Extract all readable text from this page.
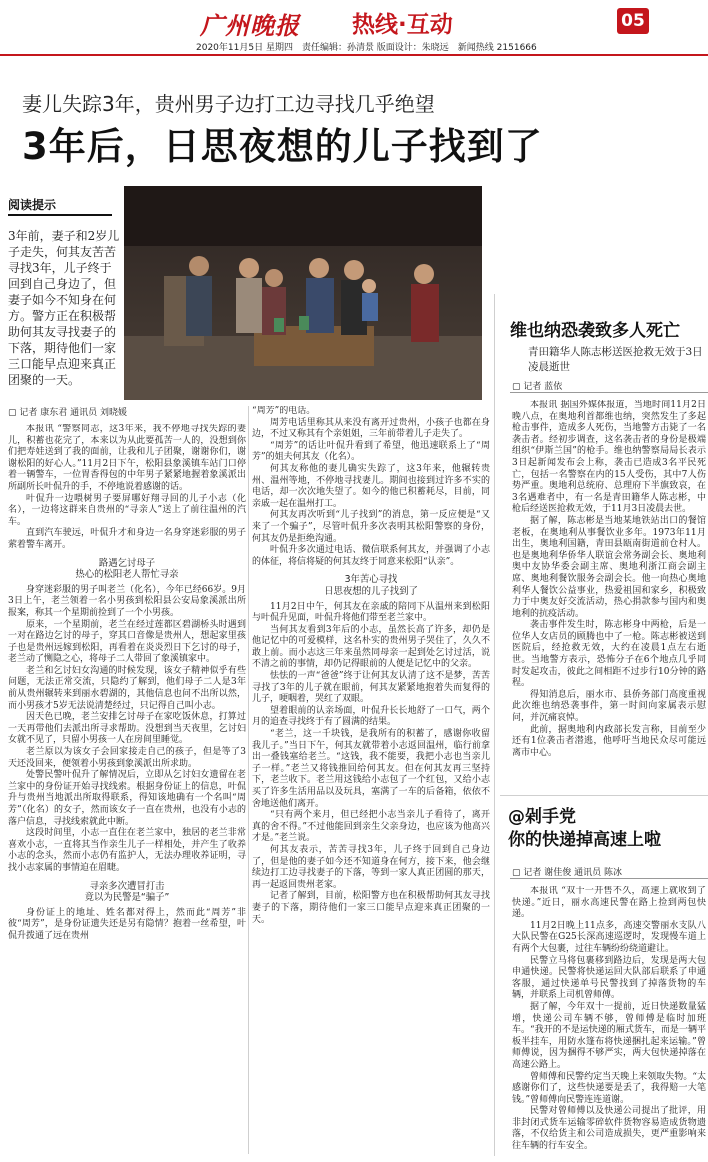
广州晚报 热线·互动	05
2020年11月5日 星期四　责任编辑：孙清景 版面设计：朱晓远　新闻热线 2151666
妻儿失踪3年，贵州男子边打工边寻找几乎绝望
3年后，日思夜想的儿子找到了
阅读提示
3年前，妻子和2岁儿子走失，何其友苦苦寻找3年，儿子终于回到自己身边了，但妻子如今不知身在何方。警方正在积极帮助何其友寻找妻子的下落，期待他们一家三口能早点迎来真正团聚的一天。
▢ 记者 康东君 通讯员 刘晓媛

本报讯 “警察同志，这3年来，我不停地寻找失踪的妻儿，积蓄也花完了，本来以为从此要孤苦一人的，没想到你们把寿娃送到了我的面前，让我和儿子团聚，谢谢你们，谢谢松阳的好心人。”11月2日下午，松阳县象溪镇车站门口停着一辆警车，一位胃香得包的中年男子紧紧地握着象溪派出所副所长叶侃升的手，不停地说着感谢的话。

叶侃升一边喂树男子要屏哪好翔寻回的儿子小志（化名），一边将这群来自贵州的“寻亲人”送上了前往温州的汽车。

直到汽车驶远，叶侃升才和身边一名身穿迷彩服的男子萦着警车离开。

路遇乞讨母子
热心的松阳老人帮忙寻亲

身穿迷彩服的男子叫老兰（化名），今年已经66岁。9月3日上午，老兰领着一名小男孩到松阳县公安局象溪派出所报案，称其一个星期前捡到了一个小男孩。

原来，一个星期前，老兰在经过莲都区碧湖桥头时遇到一对在路边乞讨的母子，穿其口音像是贵州人，想起家里孩子也是贵州远嫁到松阳，再看着在炎炎烈日下乞讨的母子，老兰动了恻隐之心，将母子二人带回了象溪镇家中。

老兰和乞讨妇女沟通的时候发现，该女子精神似乎有些问题，无法正常交流，只隐约了解到，他们母子二人是3年前从贵州辗转来到丽水碧湖的，其他信息也问不出所以然，而小男孩才5岁无法说清楚经过，只记得自己叫小志。

因天色已晚，老兰安排乞讨母子在家吃饭休息，打算过一天再带他们去派出所寻求帮助。没想到当天夜里，乞讨妇女就不见了，只留小男孩一人在房间里睡觉。

老兰原以为该女子会回家接走自己的孩子，但是等了3天还没回来，便领着小男孩到象溪派出所求助。

处警民警叶侃升了解情况后，立即从乞讨妇女遗留在老兰家中的身份证开始寻找线索。根据身份证上的信息，叶侃升与贵州当地派出所取得联系，得知该地确有一个名叫“周芳”（化名）的女子，然而该女子一直在贵州，也没有小志的落户信息，寻找线索就此中断。

这段时间里，小志一直住在老兰家中，独居的老兰非常喜欢小志，一直将其当作亲生儿子一样相处，并产生了收养小志的念头，然而小志仍有监护人，无法办理收养证明，寻找小志家属的事情迫在眉睫。

寻亲多次遭冒打击
竟以为民警是“骗子”

身份证上的地址、姓名都对得上，然而此“周芳”非彼“周芳”，是身份证遗失还是另有隐情？抱着一丝希望，叶侃升拨通了远在贵州

“周芳”的电话。

周芳电话里称其从来没有离开过贵州，小孩子也都在身边，不过又称其有个亲姐姐，三年前带着儿子走失了。

“周芳”的话让叶侃升看到了希望，他迅速联系上了“周芳”的姐夫何其友（化名）。

何其友称他的妻儿确实失踪了，这3年来，他辗转贵州、温州等地，不停地寻找妻儿。期间也接到过许多不实的电话，却一次次地失望了。如今的他已积蓄耗尽，目前，同亲戚一起在温州打工。

何其友再次听到“儿子找到”的消息，第一反应便是“又来了一个骗子”，尽管叶侃升多次表明其松阳警察的身份，何其友仍是拒绝沟通。

叶侃升多次通过电话、微信联系何其友，并强调了小志的体征，将信将疑的何其友终于同意来松阳“认亲”。

3年苦心寻找
日思夜想的儿子找到了

11月2日中午，何其友在亲戚的陪同下从温州来到松阳与叶侃升见面，叶侃升将他们带至老兰家中。

当何其友看到3年后的小志，虽然长高了许多，却仍是他记忆中的可爱模样，这名朴实的贵州男子哭住了，久久不敢上前。而小志这三年来虽然同母亲一起到处乞讨过活，说不清之前的事情，却仍记得眼前的人便是记忆中的父亲。

怯怯的一声“爸爸”终于让何其友认清了这不是梦，苦苦寻找了3年的儿子就在眼前，何其友紧紧地抱着失而复得的儿子，哽咽着，哭红了双眼。

望着眼前的认亲场面，叶侃升长长地舒了一口气，两个月的追查寻找终于有了圆满的结果。

“老兰，这一千块钱，是我所有的积蓄了，感谢你收留我儿子。”当日下午，何其友就带着小志返回温州，临行前拿出一叠钱塞给老兰。“这钱，我不能要，我把小志也当亲儿子一样。”老兰又将钱推回给何其友。但在何其友再三坚持下，老兰收下。老兰用这钱给小志包了一个红包，又给小志买了许多生活用品以及玩具，塞满了一车的后备箱，依依不舍地送他们离开。

“只有两个来月，但已经把小志当亲儿子看待了，离开真的舍不得。”不过他能回到亲生父亲身边，也应该为他高兴才是。”老兰说。

何其友表示，苦苦寻找3年，儿子终于回到自己身边了，但是他的妻子如今还不知道身在何方，接下来，他会继续边打工边寻找妻子的下落，等到一家人真正团圆的那天，再一起返回贵州老家。

记者了解到，目前，松阳警方也在积极帮助何其友寻找妻子的下落，期待他们一家三口能早点迎来真正团聚的一天。

维也纳恐袭致多人死亡
青田籍华人陈志彬送医抢救无效于3日凌晨逝世
▢ 记者 蓝依

本报讯 据国外媒体报道，当地时间11月2日晚八点，在奥地利首都维也纳，突然发生了多起枪击事件，造成多人死伤，当地警方击毙了一名袭击者。经初步调查，这名袭击者的身份是极端组织“伊斯兰国”的枪手。维也纳警察局局长表示3日起新闻发布会上称，袭击已造成3名平民死亡，包括一名警察在内的15人受伤，其中7人伤势严重。奥地利总统府、总理府下半旗致哀，在3名遇难者中，有一名是青田籍华人陈志彬，中枪后经送医抢救无效，于11月3日凌晨去世。

据了解，陈志彬是当地某地铁站出口的餐馆老板，在奥地利从事餐饮业多年。1973年11月出生，奥地利国籍，青田县瓯南街道前仓村人。也是奥地利华侨华人联谊会常务副会长、奥地利奥中友协华委会副主席、奥地利浙江商会副主席、奥地利餐饮服务会副会长。他一向热心奥地利华人餐饮公益事业，热爱祖国和家乡，积极致力于中奥友好交流活动，热心捐款参与国内和奥地利的抗疫活动。

袭击事件发生时，陈志彬身中两枪，后是一位华人女店员的顾腾也中了一枪。陈志彬被送到医院后，经抢救无效，大约在凌晨1点左右逝世。当地警方表示，恐怖分子在6个地点几乎同时发起攻击，彼此之间相距不过步行10分钟的路程。

得知消息后，丽水市、县侨务部门高度重视此次维也纳恐袭事件，第一时间向家属表示慰问，并沉痛哀悼。

此前，据奥地利内政部长发言称，目前至少还有1位袭击者潜逃，他呼吁当地民众尽可能远离市中心。

@剁手党
你的快递掉高速上啦
▢ 记者 谢佳俊 通讯员 陈冰

本报讯 “双十一开售不久，高速上就收到了快递。”近日，丽水高速民警在路上捡到两包快递。

11月2日晚上11点多，高速交警丽水支队八大队民警在G25长深高速巡逻时，发现慢车道上有两个大包裹，过往车辆纷纷绕道避让。

民警立马将包裹移到路边后，发现是两大包申通快递。民警将快递运回大队部后联系了申通客服，通过快递单号民警找到了掉落货物的车辆，并联系上司机曾师傅。

据了解，今年双十一提前，近日快递数量猛增，快递公司车辆不够，曾师傅是临时加班车。“我开的不是运快递的厢式货车，而是一辆平板半挂车，用防水篷布将快递捆扎起来运输。”曾师傅说，因为捆得不够严实，两大包快递掉落在高速公路上。

曾师傅和民警约定当天晚上来领取失物。“太感谢你们了，这些快递要是丢了，我得赔一大笔钱。”曾师傅向民警连连道谢。

民警对曾师傅以及快递公司提出了批评，用非封闭式货车运输零碎软件货物容易造成货物遗落，不仅给货主和公司造成损失，更严重影响来往车辆的行车安全。
